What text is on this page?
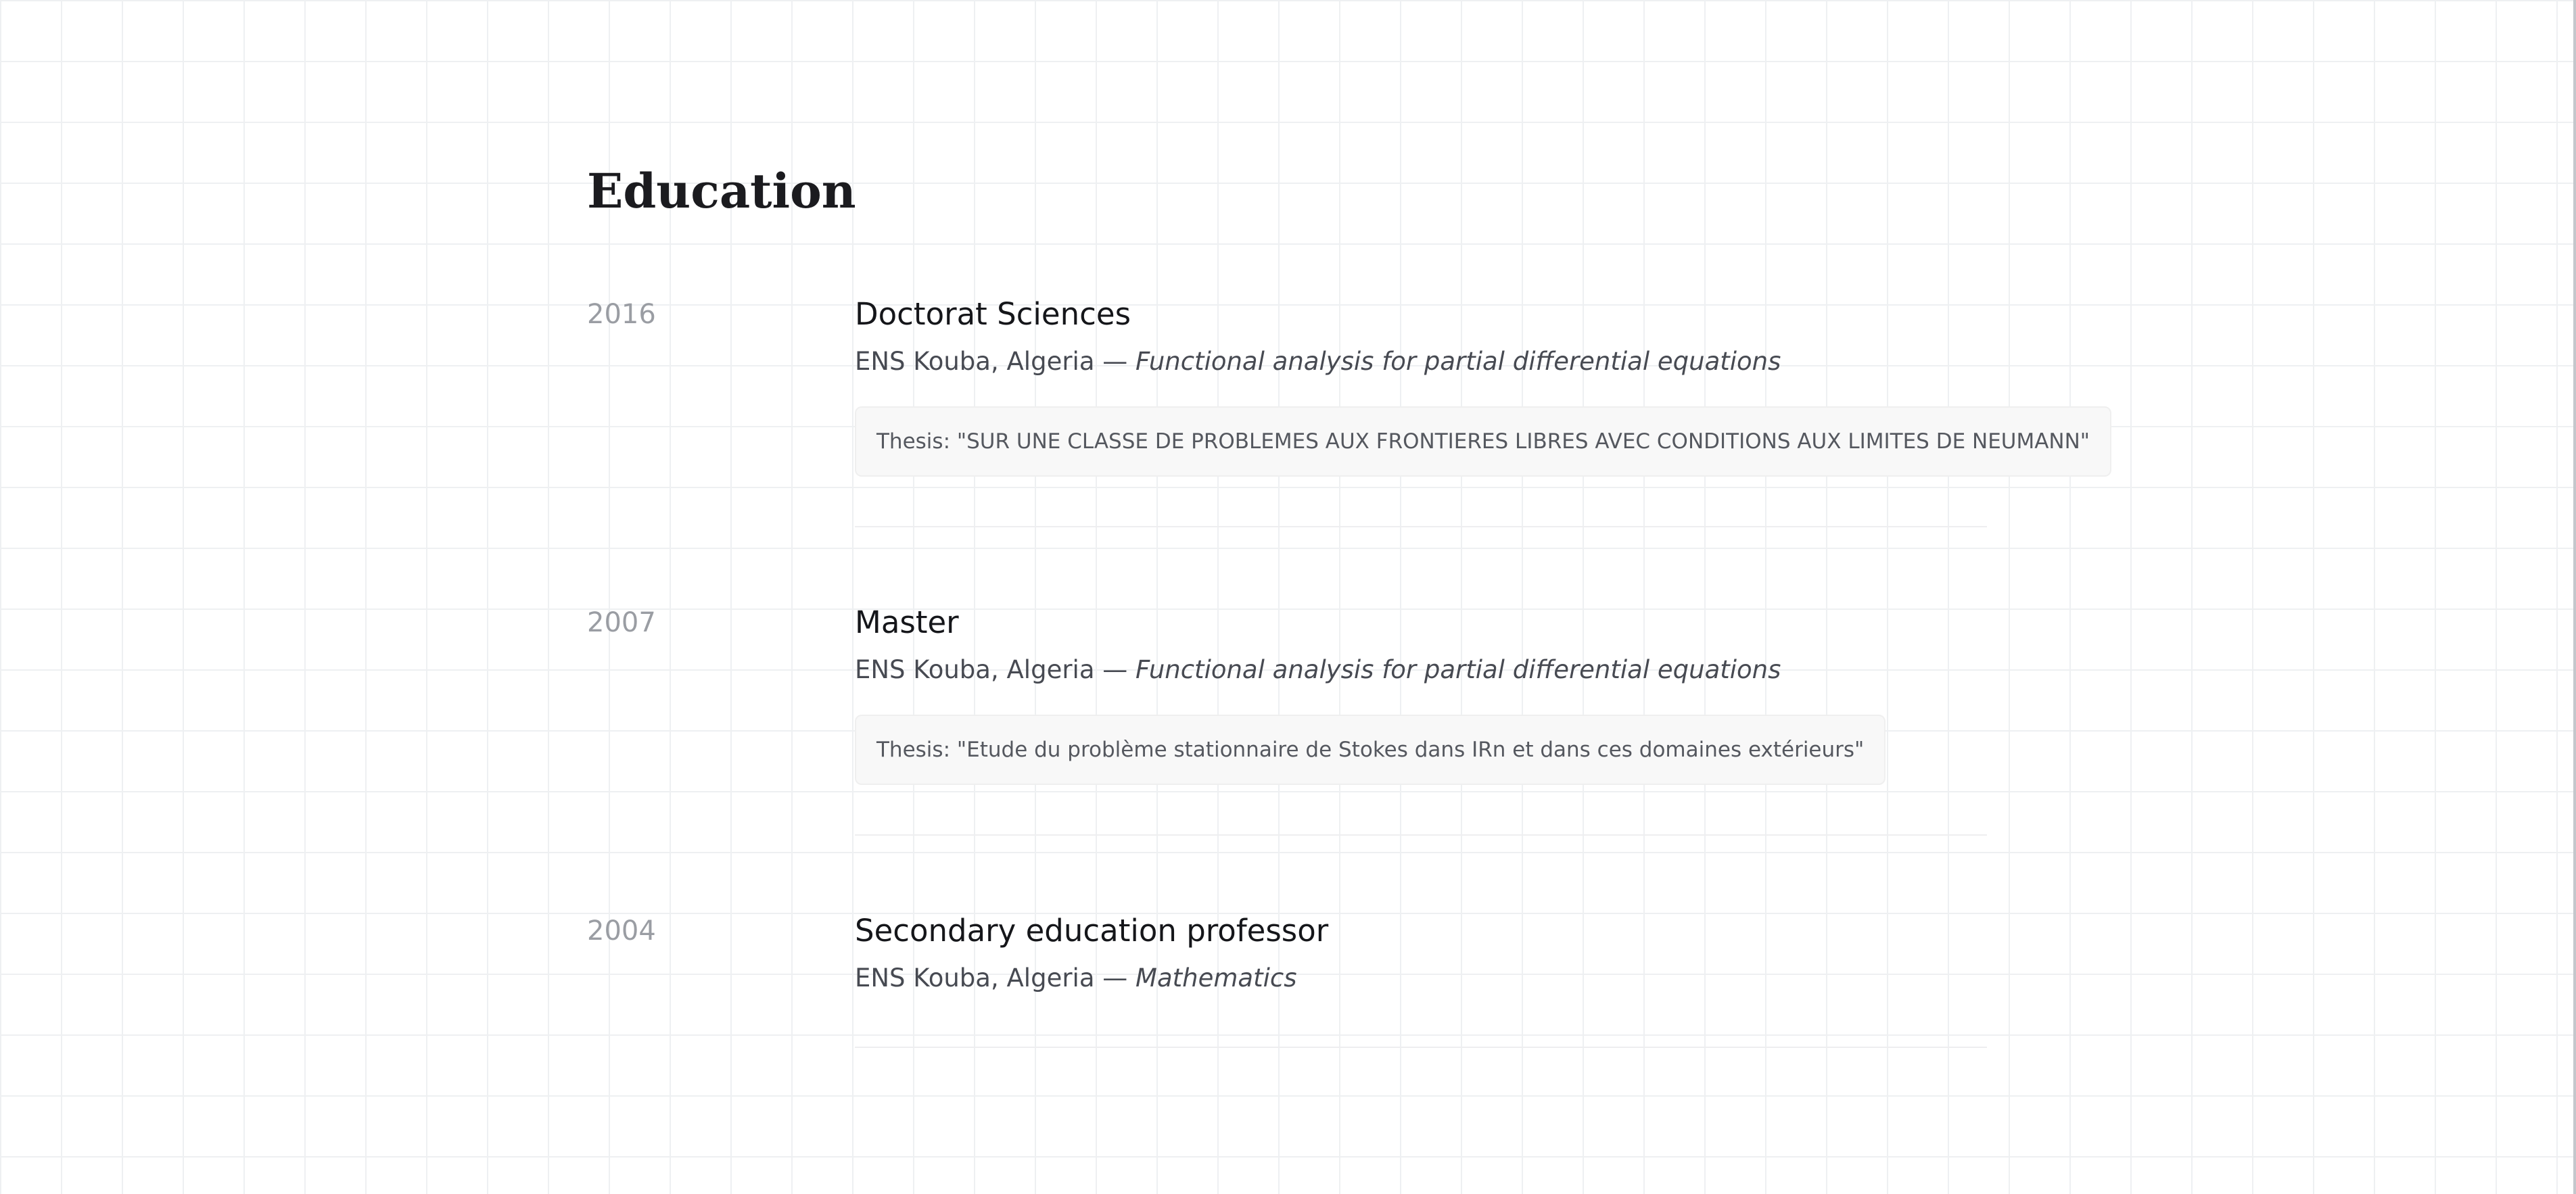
Education
2016	Doctorat Sciences
ENS Kouba, Algeria — Functional analysis for partial differential equations
Thesis: "SUR UNE CLASSE DE PROBLEMES AUX FRONTIERES LIBRES AVEC CONDITIONS AUX LIMITES DE NEUMANN"
2007	Master
ENS Kouba, Algeria — Functional analysis for partial differential equations
Thesis: "Etude du problème stationnaire de Stokes dans IRn et dans ces domaines extérieurs"
2004	Secondary education professor
ENS Kouba, Algeria — Mathematics
